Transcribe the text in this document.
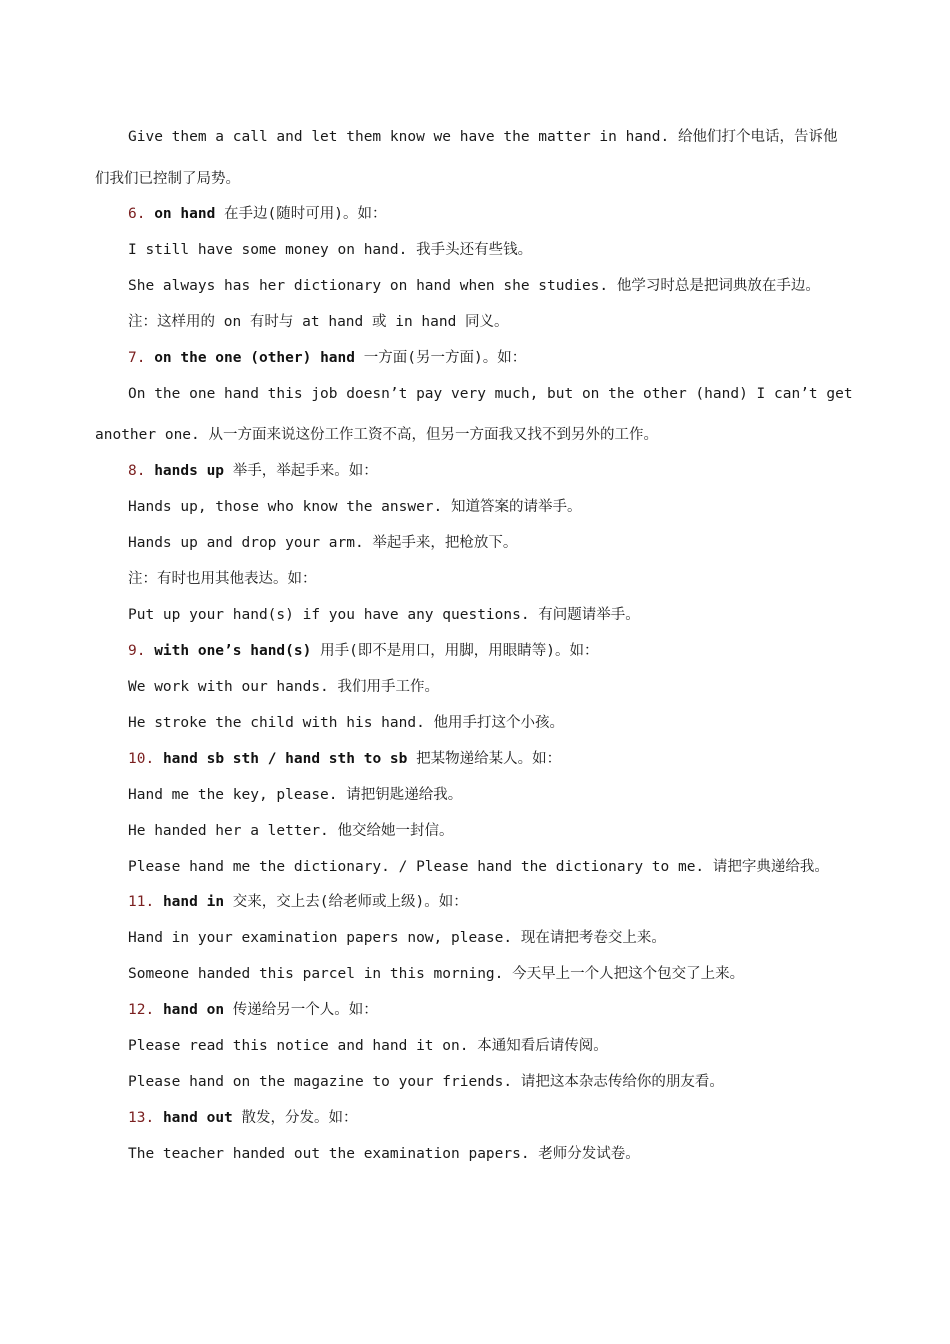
Give them a call and let them know we have the matter in hand. 给他们打个电话，告诉他
们我们已控制了局势。
6. on hand 在手边(随时可用)。如：
I still have some money on hand. 我手头还有些钱。
She always has her dictionary on hand when she studies. 他学习时总是把词典放在手边。
注：这样用的 on 有时与 at hand 或 in hand 同义。
7. on the one (other) hand 一方面(另一方面)。如：
On the one hand this job doesn’t pay very much, but on the other (hand) I can’t get
another one. 从一方面来说这份工作工资不高，但另一方面我又找不到另外的工作。
8. hands up 举手，举起手来。如：
Hands up, those who know the answer. 知道答案的请举手。
Hands up and drop your arm. 举起手来，把枪放下。
注：有时也用其他表达。如：
Put up your hand(s) if you have any questions. 有问题请举手。
9. with one’s hand(s) 用手(即不是用口，用脚，用眼睛等)。如：
We work with our hands. 我们用手工作。
He stroke the child with his hand. 他用手打这个小孩。
10. hand sb sth / hand sth to sb 把某物递给某人。如：
Hand me the key, please. 请把钥匙递给我。
He handed her a letter. 他交给她一封信。
Please hand me the dictionary. / Please hand the dictionary to me. 请把字典递给我。
11. hand in 交来，交上去(给老师或上级)。如：
Hand in your examination papers now, please. 现在请把考卷交上来。
Someone handed this parcel in this morning. 今天早上一个人把这个包交了上来。
12. hand on 传递给另一个人。如：
Please read this notice and hand it on. 本通知看后请传阅。
Please hand on the magazine to your friends. 请把这本杂志传给你的朋友看。
13. hand out 散发，分发。如：
The teacher handed out the examination papers. 老师分发试卷。
